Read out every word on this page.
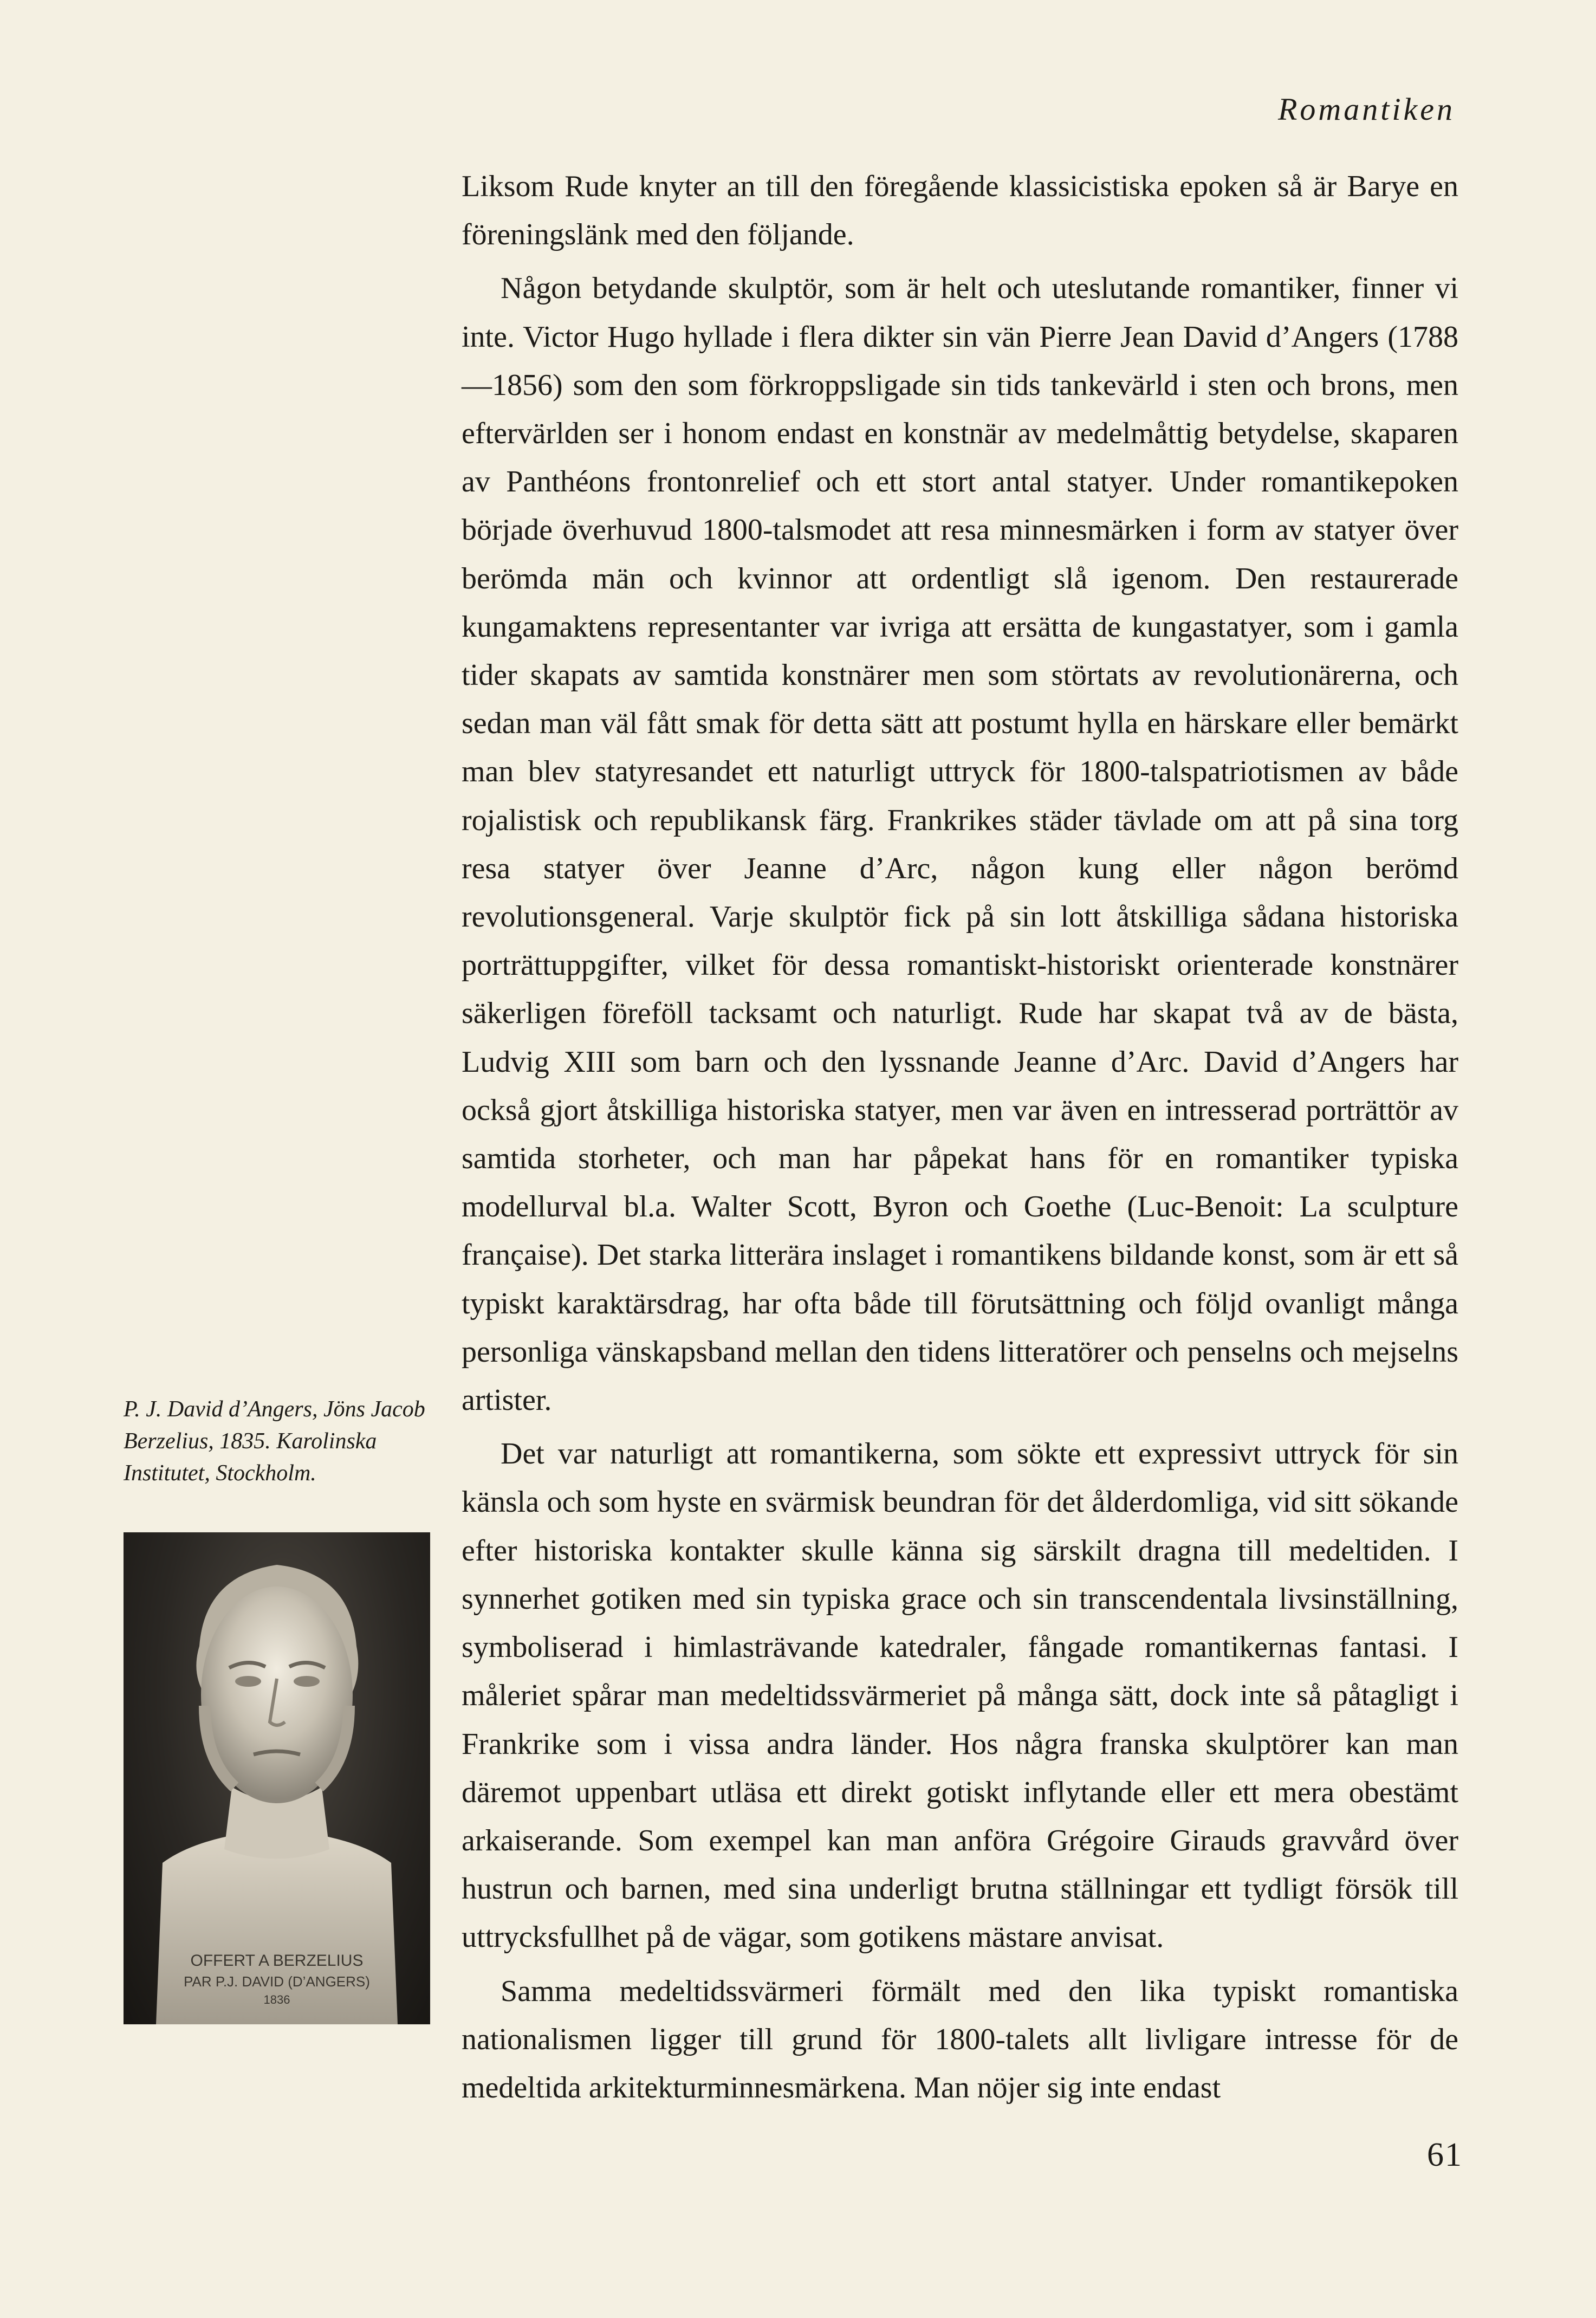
Romantiken

Liksom Rude knyter an till den föregående klassicistiska epoken så är Barye en föreningslänk med den följande.

Någon betydande skulptör, som är helt och uteslutande romantiker, finner vi inte. Victor Hugo hyllade i flera dikter sin vän Pierre Jean David d’Angers (1788—1856) som den som förkroppsligade sin tids tankevärld i sten och brons, men eftervärlden ser i honom endast en konstnär av medelmåttig betydelse, skaparen av Panthéons frontonrelief och ett stort antal statyer. Under romantikepoken började överhuvud 1800-talsmodet att resa minnesmärken i form av statyer över berömda män och kvinnor att ordentligt slå igenom. Den restaurerade kungamaktens representanter var ivriga att ersätta de kungastatyer, som i gamla tider skapats av samtida konstnärer men som störtats av revolutionärerna, och sedan man väl fått smak för detta sätt att postumt hylla en härskare eller bemärkt man blev statyresandet ett naturligt uttryck för 1800-talspatriotismen av både rojalistisk och republikansk färg. Frankrikes städer tävlade om att på sina torg resa statyer över Jeanne d’Arc, någon kung eller någon berömd revolutionsgeneral. Varje skulptör fick på sin lott åtskilliga sådana historiska porträttuppgifter, vilket för dessa romantiskt-historiskt orienterade konstnärer säkerligen föreföll tacksamt och naturligt. Rude har skapat två av de bästa, Ludvig XIII som barn och den lyssnande Jeanne d’Arc. David d’Angers har också gjort åtskilliga historiska statyer, men var även en intresserad porträttör av samtida storheter, och man har påpekat hans för en romantiker typiska modellurval bl.a. Walter Scott, Byron och Goethe (Luc-Benoit: La sculpture française). Det starka litterära inslaget i romantikens bildande konst, som är ett så typiskt karaktärsdrag, har ofta både till förutsättning och följd ovanligt många personliga vänskapsband mellan den tidens litteratörer och penselns och mejselns artister.

Det var naturligt att romantikerna, som sökte ett expressivt uttryck för sin känsla och som hyste en svärmisk beundran för det ålderdomliga, vid sitt sökande efter historiska kontakter skulle känna sig särskilt dragna till medeltiden. I synnerhet gotiken med sin typiska grace och sin transcendentala livsinställning, symboliserad i himlasträvande katedraler, fångade romantikernas fantasi. I måleriet spårar man medeltidssvärmeriet på många sätt, dock inte så påtagligt i Frankrike som i vissa andra länder. Hos några franska skulptörer kan man däremot uppenbart utläsa ett direkt gotiskt inflytande eller ett mera obestämt arkaiserande. Som exempel kan man anföra Grégoire Girauds gravvård över hustrun och barnen, med sina underligt brutna ställningar ett tydligt försök till uttrycksfullhet på de vägar, som gotikens mästare anvisat.

Samma medeltidssvärmeri förmält med den lika typiskt romantiska nationalismen ligger till grund för 1800-talets allt livligare intresse för de medeltida arkitekturminnesmärkena. Man nöjer sig inte endast

P. J. David d’Angers, Jöns Jacob Berzelius, 1835. Karolinska Institutet, Stockholm.
OFFERT A BERZELIUS
PAR P.J. DAVID (D’ANGERS)
1836
61
